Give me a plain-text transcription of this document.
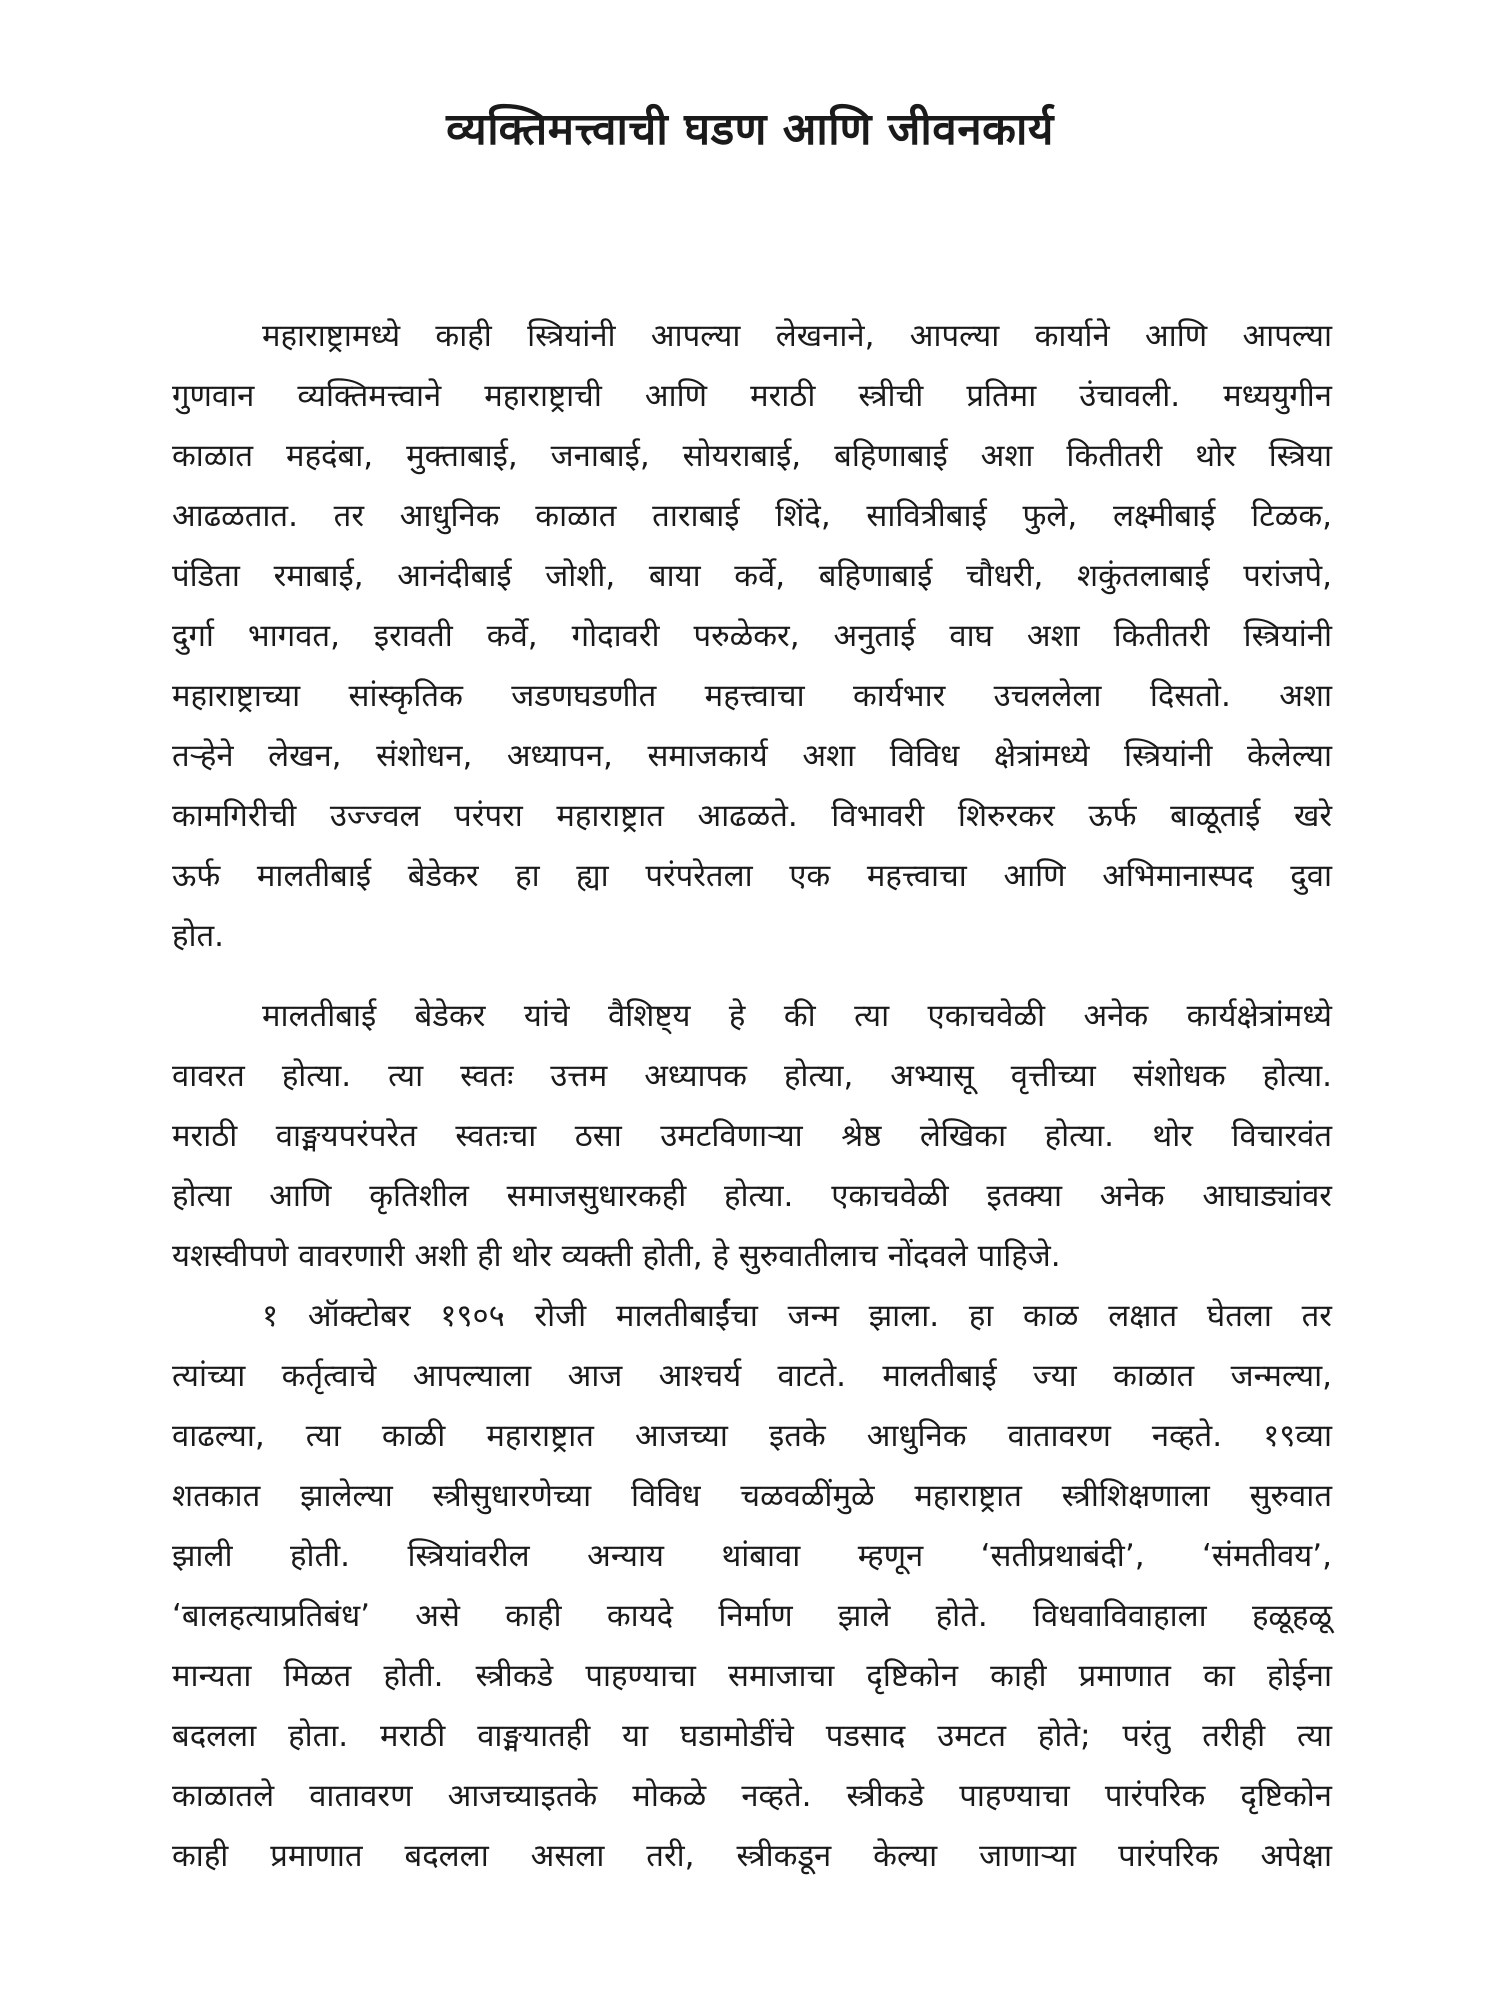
व्यक्तिमत्त्वाची घडण आणि जीवनकार्य
महाराष्ट्रामध्ये काही स्त्रियांनी आपल्या लेखनाने, आपल्या कार्याने आणि आपल्या
गुणवान व्यक्तिमत्त्वाने महाराष्ट्राची आणि मराठी स्त्रीची प्रतिमा उंचावली. मध्ययुगीन
काळात महदंबा, मुक्ताबाई, जनाबाई, सोयराबाई, बहिणाबाई अशा कितीतरी थोर स्त्रिया
आढळतात. तर आधुनिक काळात ताराबाई शिंदे, सावित्रीबाई फुले, लक्ष्मीबाई टिळक,
पंडिता रमाबाई, आनंदीबाई जोशी, बाया कर्वे, बहिणाबाई चौधरी, शकुंतलाबाई परांजपे,
दुर्गा भागवत, इरावती कर्वे, गोदावरी परुळेकर, अनुताई वाघ अशा कितीतरी स्त्रियांनी
महाराष्ट्राच्या सांस्कृतिक जडणघडणीत महत्त्वाचा कार्यभार उचललेला दिसतो. अशा
तऱ्हेने लेखन, संशोधन, अध्यापन, समाजकार्य अशा विविध क्षेत्रांमध्ये स्त्रियांनी केलेल्या
कामगिरीची उज्ज्वल परंपरा महाराष्ट्रात आढळते. विभावरी शिरुरकर ऊर्फ बाळूताई खरे
ऊर्फ मालतीबाई बेडेकर हा ह्या परंपरेतला एक महत्त्वाचा आणि अभिमानास्पद दुवा
होत.
मालतीबाई बेडेकर यांचे वैशिष्ट्य हे की त्या एकाचवेळी अनेक कार्यक्षेत्रांमध्ये
वावरत होत्या. त्या स्वतः उत्तम अध्यापक होत्या, अभ्यासू वृत्तीच्या संशोधक होत्या.
मराठी वाङ्मयपरंपरेत स्वतःचा ठसा उमटविणाऱ्या श्रेष्ठ लेखिका होत्या. थोर विचारवंत
होत्या आणि कृतिशील समाजसुधारकही होत्या. एकाचवेळी इतक्या अनेक आघाड्यांवर
यशस्वीपणे वावरणारी अशी ही थोर व्यक्ती होती, हे सुरुवातीलाच नोंदवले पाहिजे.
१ ऑक्टोबर १९०५ रोजी मालतीबाईंचा जन्म झाला. हा काळ लक्षात घेतला तर
त्यांच्या कर्तृत्वाचे आपल्याला आज आश्चर्य वाटते. मालतीबाई ज्या काळात जन्मल्या,
वाढल्या, त्या काळी महाराष्ट्रात आजच्या इतके आधुनिक वातावरण नव्हते. १९व्या
शतकात झालेल्या स्त्रीसुधारणेच्या विविध चळवळींमुळे महाराष्ट्रात स्त्रीशिक्षणाला सुरुवात
झाली होती. स्त्रियांवरील अन्याय थांबावा म्हणून ‘सतीप्रथाबंदी’, ‘संमतीवय’,
‘बालहत्याप्रतिबंध’ असे काही कायदे निर्माण झाले होते. विधवाविवाहाला हळूहळू
मान्यता मिळत होती. स्त्रीकडे पाहण्याचा समाजाचा दृष्टिकोन काही प्रमाणात का होईना
बदलला होता. मराठी वाङ्मयातही या घडामोडींचे पडसाद उमटत होते; परंतु तरीही त्या
काळातले वातावरण आजच्याइतके मोकळे नव्हते. स्त्रीकडे पाहण्याचा पारंपरिक दृष्टिकोन
काही प्रमाणात बदलला असला तरी, स्त्रीकडून केल्या जाणाऱ्या पारंपरिक अपेक्षा
